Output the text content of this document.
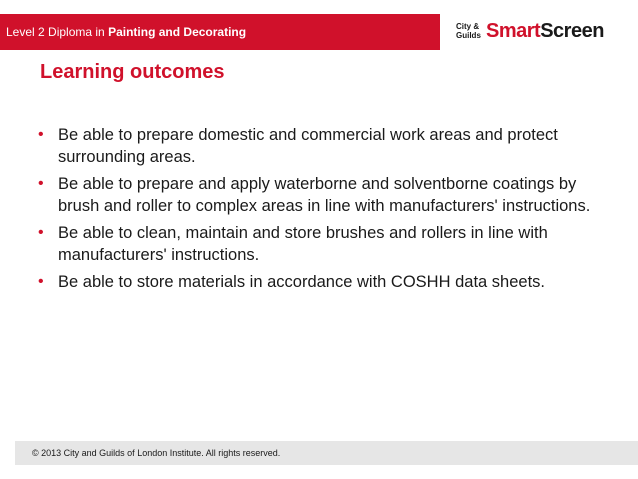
Level 2 Diploma in Painting and Decorating	City &
Guilds SmartScreen
Learning outcomes
• Be able to prepare domestic and commercial work areas and protect surrounding areas.
• Be able to prepare and apply waterborne and solventborne coatings by brush and roller to complex areas in line with manufacturers' instructions.
• Be able to clean, maintain and store brushes and rollers in line with manufacturers' instructions.
• Be able to store materials in accordance with COSHH data sheets.
© 2013 City and Guilds of London Institute. All rights reserved.
